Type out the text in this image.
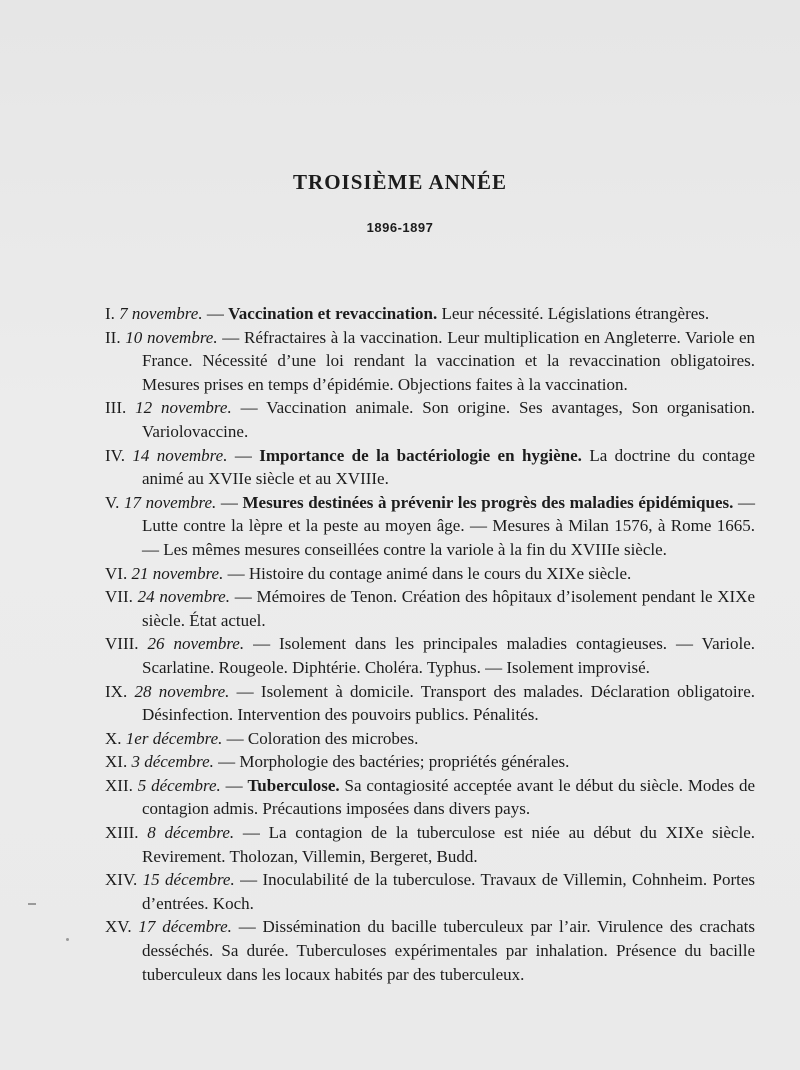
TROISIÈME ANNÉE
1896-1897
I. 7 novembre. — Vaccination et revaccination. Leur nécessité. Législations étrangères.
II. 10 novembre. — Réfractaires à la vaccination. Leur multiplication en Angleterre. Variole en France. Nécessité d’une loi rendant la vaccination et la revaccination obligatoires. Mesures prises en temps d’épidémie. Objections faites à la vaccination.
III. 12 novembre. — Vaccination animale. Son origine. Ses avantages, Son organisation. Variolovaccine.
IV. 14 novembre. — Importance de la bactériologie en hygiène. La doctrine du contage animé au XVIIe siècle et au XVIIIe.
V. 17 novembre. — Mesures destinées à prévenir les progrès des maladies épidémiques. — Lutte contre la lèpre et la peste au moyen âge. — Mesures à Milan 1576, à Rome 1665. — Les mêmes mesures conseillées contre la variole à la fin du XVIIIe siècle.
VI. 21 novembre. — Histoire du contage animé dans le cours du XIXe siècle.
VII. 24 novembre. — Mémoires de Tenon. Création des hôpitaux d’isolement pendant le XIXe siècle. État actuel.
VIII. 26 novembre. — Isolement dans les principales maladies contagieuses. — Variole. Scarlatine. Rougeole. Diphtérie. Choléra. Typhus. — Isolement improvisé.
IX. 28 novembre. — Isolement à domicile. Transport des malades. Déclaration obligatoire. Désinfection. Intervention des pouvoirs publics. Pénalités.
X. 1er décembre. — Coloration des microbes.
XI. 3 décembre. — Morphologie des bactéries; propriétés générales.
XII. 5 décembre. — Tuberculose. Sa contagiosité acceptée avant le début du siècle. Modes de contagion admis. Précautions imposées dans divers pays.
XIII. 8 décembre. — La contagion de la tuberculose est niée au début du XIXe siècle. Revirement. Tholozan, Villemin, Bergeret, Budd.
XIV. 15 décembre. — Inoculabilité de la tuberculose. Travaux de Villemin, Cohnheim. Portes d’entrées. Koch.
XV. 17 décembre. — Dissémination du bacille tuberculeux par l’air. Virulence des crachats desséchés. Sa durée. Tuberculoses expérimentales par inhalation. Présence du bacille tuberculeux dans les locaux habités par des tuberculeux.
